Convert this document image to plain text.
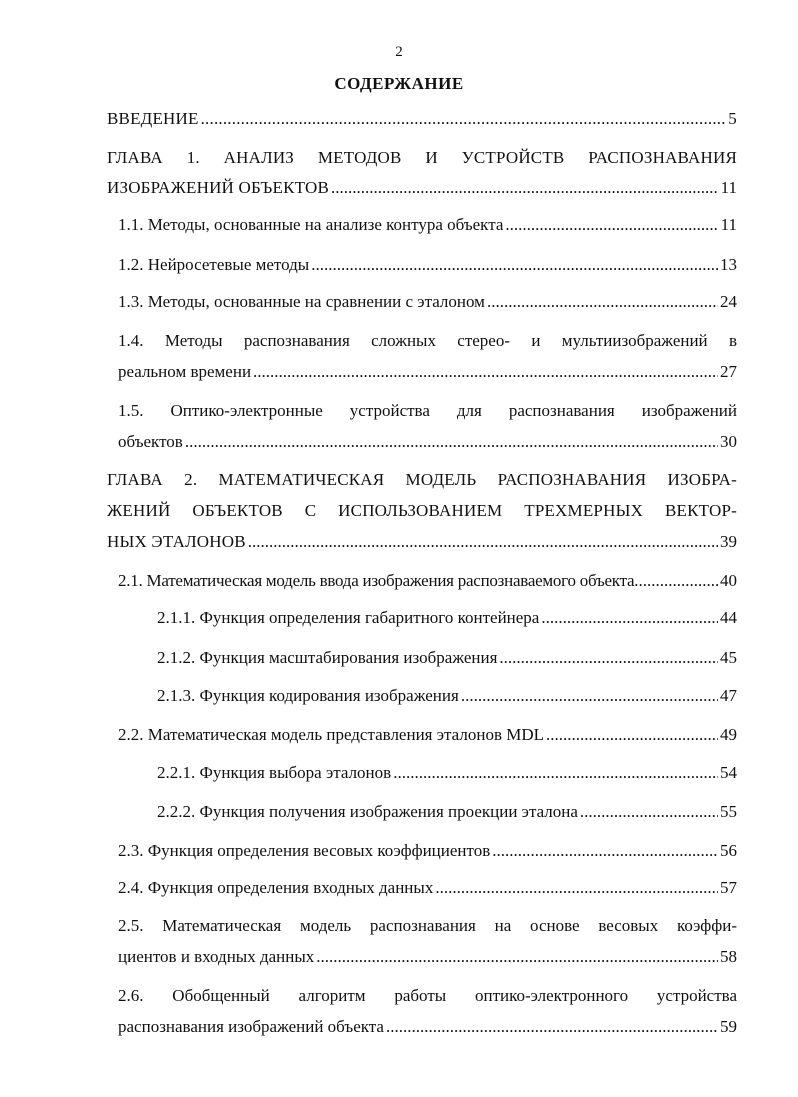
2
СОДЕРЖАНИЕ
ВВЕДЕНИЕ .....	5
ГЛАВА 1. АНАЛИЗ МЕТОДОВ И УСТРОЙСТВ РАСПОЗНАВАНИЯ
ИЗОБРАЖЕНИЙ ОБЪЕКТОВ .....	11
1.1. Методы, основанные на анализе контура объекта .....	11
1.2. Нейросетевые методы .....	13
1.3. Методы, основанные на сравнении с эталоном .....	24
1.4. Методы распознавания сложных стерео- и мультиизображений в
реальном времени .....	27
1.5. Оптико-электронные устройства для распознавания изображений
объектов .....	30
ГЛАВА 2. МАТЕМАТИЧЕСКАЯ МОДЕЛЬ РАСПОЗНАВАНИЯ ИЗОБРА-
ЖЕНИЙ ОБЪЕКТОВ С ИСПОЛЬЗОВАНИЕМ ТРЕХМЕРНЫХ ВЕКТОР-
НЫХ ЭТАЛОНОВ .....	39
2.1. Математическая модель ввода изображения распознаваемого объекта .....	40
2.1.1. Функция определения габаритного контейнера .....	44
2.1.2. Функция масштабирования изображения .....	45
2.1.3. Функция кодирования изображения .....	47
2.2. Математическая модель представления эталонов MDL .....	49
2.2.1. Функция выбора эталонов .....	54
2.2.2. Функция получения изображения проекции эталона .....	55
2.3. Функция определения весовых коэффициентов .....	56
2.4. Функция определения входных данных .....	57
2.5. Математическая модель распознавания на основе весовых коэффи-
циентов и входных данных .....	58
2.6. Обобщенный алгоритм работы оптико-электронного устройства
распознавания изображений объекта .....	59
